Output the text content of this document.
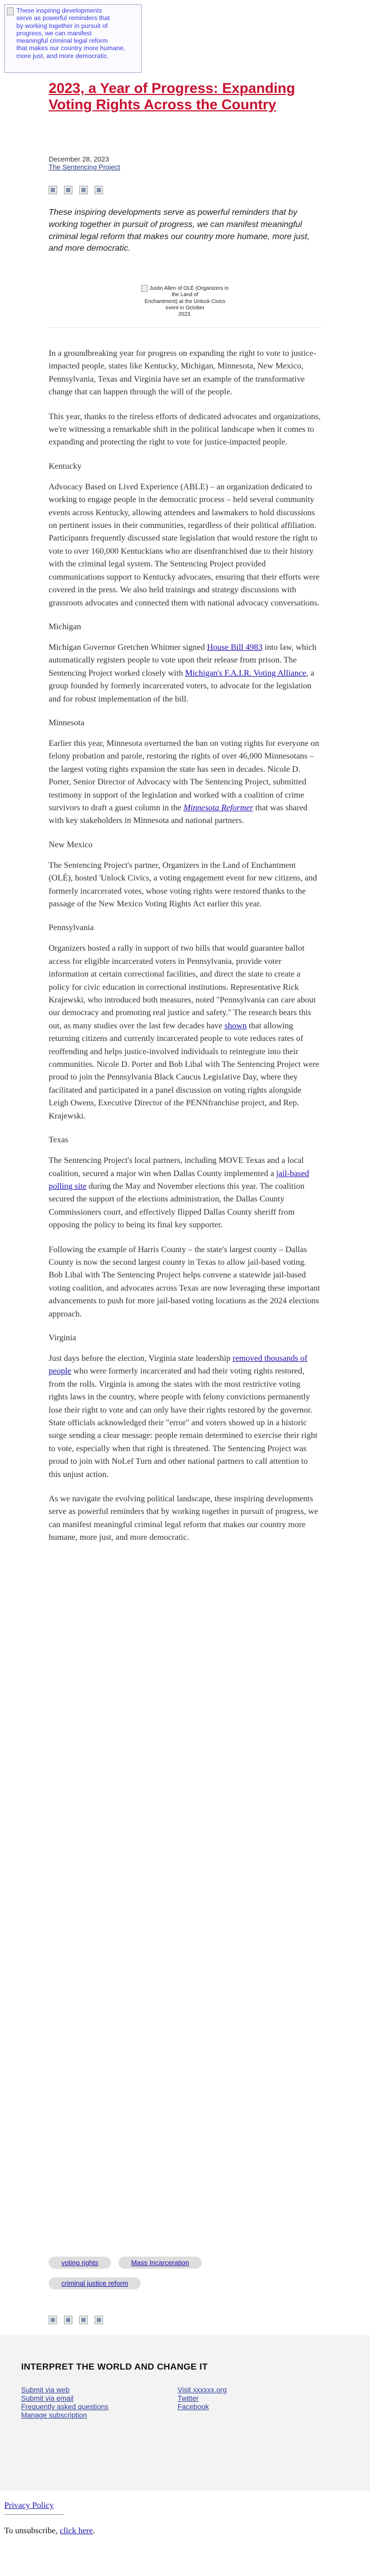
These inspiring developments
serve as powerful reminders that
by working together in pursuit of
progress, we can manifest
meaningful criminal legal reform
that makes our country more humane,
more just, and more democratic.
2023, a Year of Progress: Expanding Voting Rights Across the Country
December 28, 2023
The Sentencing Project

These inspiring developments serve as powerful reminders that by working together in pursuit of progress, we can manifest meaningful criminal legal reform that makes our country more humane, more just, and more democratic.

Justin Allen of OLÉ (Organizers in the Land of
Enchantment) at the Unlock Civics event in October
2023.

In a groundbreaking year for progress on expanding the right to vote to justice-impacted people, states like Kentucky, Michigan, Minnesota, New Mexico, Pennsylvania, Texas and Virginia have set an example of the transformative change that can happen through the will of the people.

This year, thanks to the tireless efforts of dedicated advocates and organizations, we're witnessing a remarkable shift in the political landscape when it comes to expanding and protecting the right to vote for justice-impacted people.

Kentucky

Advocacy Based on Lived Experience (ABLE) – an organization dedicated to working to engage people in the democratic process – held several community events across Kentucky, allowing attendees and lawmakers to hold discussions on pertinent issues in their communities, regardless of their political affiliation. Participants frequently discussed state legislation that would restore the right to vote to over 160,000 Kentuckians who are disenfranchised due to their history with the criminal legal system. The Sentencing Project provided communications support to Kentucky advocates, ensuring that their efforts were covered in the press. We also held trainings and strategy discussions with grassroots advocates and connected them with national advocacy conversations.

Michigan

Michigan Governor Gretchen Whitmer signed House Bill 4983 into law, which automatically registers people to vote upon their release from prison. The Sentencing Project worked closely with Michigan's F.A.I.R. Voting Alliance, a group founded by formerly incarcerated voters, to advocate for the legislation and for robust implementation of the bill.

Minnesota

Earlier this year, Minnesota overturned the ban on voting rights for everyone on felony probation and parole, restoring the rights of over 46,000 Minnesotans – the largest voting rights expansion the state has seen in decades. Nicole D. Porter, Senior Director of Advocacy with The Sentencing Project, submitted testimony in support of the legislation and worked with a coalition of crime survivors to draft a guest column in the Minnesota Reformer that was shared with key stakeholders in Minnesota and national partners.

New Mexico

The Sentencing Project's partner, Organizers in the Land of Enchantment (OLÉ), hosted 'Unlock Civics, a voting engagement event for new citizens, and formerly incarcerated votes, whose voting rights were restored thanks to the passage of the New Mexico Voting Rights Act earlier this year.

Pennsylvania

Organizers hosted a rally in support of two bills that would guarantee ballot access for eligible incarcerated voters in Pennsylvania, provide voter information at certain correctional facilities, and direct the state to create a policy for civic education in correctional institutions. Representative Rick Krajewski, who introduced both measures, noted "Pennsylvania can care about our democracy and promoting real justice and safety." The research bears this out, as many studies over the last few decades have shown that allowing returning citizens and currently incarcerated people to vote reduces rates of reoffending and helps justice-involved individuals to reintegrate into their communities. Nicole D. Porter and Bob Libal with The Sentencing Project were proud to join the Pennsylvania Black Caucus Legislative Day, where they facilitated and participated in a panel discussion on voting rights alongside Leigh Owens, Executive Director of the PENNfranchise project, and Rep. Krajewski.

Texas

The Sentencing Project's local partners, including MOVE Texas and a local coalition, secured a major win when Dallas County implemented a jail-based polling site during the May and November elections this year. The coalition secured the support of the elections administration, the Dallas County Commissioners court, and effectively flipped Dallas County sheriff from opposing the policy to being its final key supporter.

Following the example of Harris County – the state's largest county – Dallas County is now the second largest county in Texas to allow jail-based voting. Bob Libal with The Sentencing Project helps convene a statewide jail-based voting coalition, and advocates across Texas are now leveraging these important advancements to push for more jail-based voting locations as the 2024 elections approach.

Virginia

Just days before the election, Virginia state leadership removed thousands of people who were formerly incarcerated and had their voting rights restored, from the rolls. Virginia is among the states with the most restrictive voting rights laws in the country, where people with felony convictions permanently lose their right to vote and can only have their rights restored by the governor. State officials acknowledged their "error" and voters showed up in a historic surge sending a clear message: people remain determined to exercise their right to vote, especially when that right is threatened. The Sentencing Project was proud to join with NoLef Turn and other national partners to call attention to this unjust action.

As we navigate the evolving political landscape, these inspiring developments serve as powerful reminders that by working together in pursuit of progress, we can manifest meaningful criminal legal reform that makes our country more humane, more just, and more democratic.

voting rights	Mass Incarceration
criminal justice reform
INTERPRET THE WORLD AND CHANGE IT
Submit via web
Submit via email
Frequently asked questions
Manage subscription
Visit xxxxxx.org
Twitter
Facebook
Privacy Policy
To unsubscribe, click here.
